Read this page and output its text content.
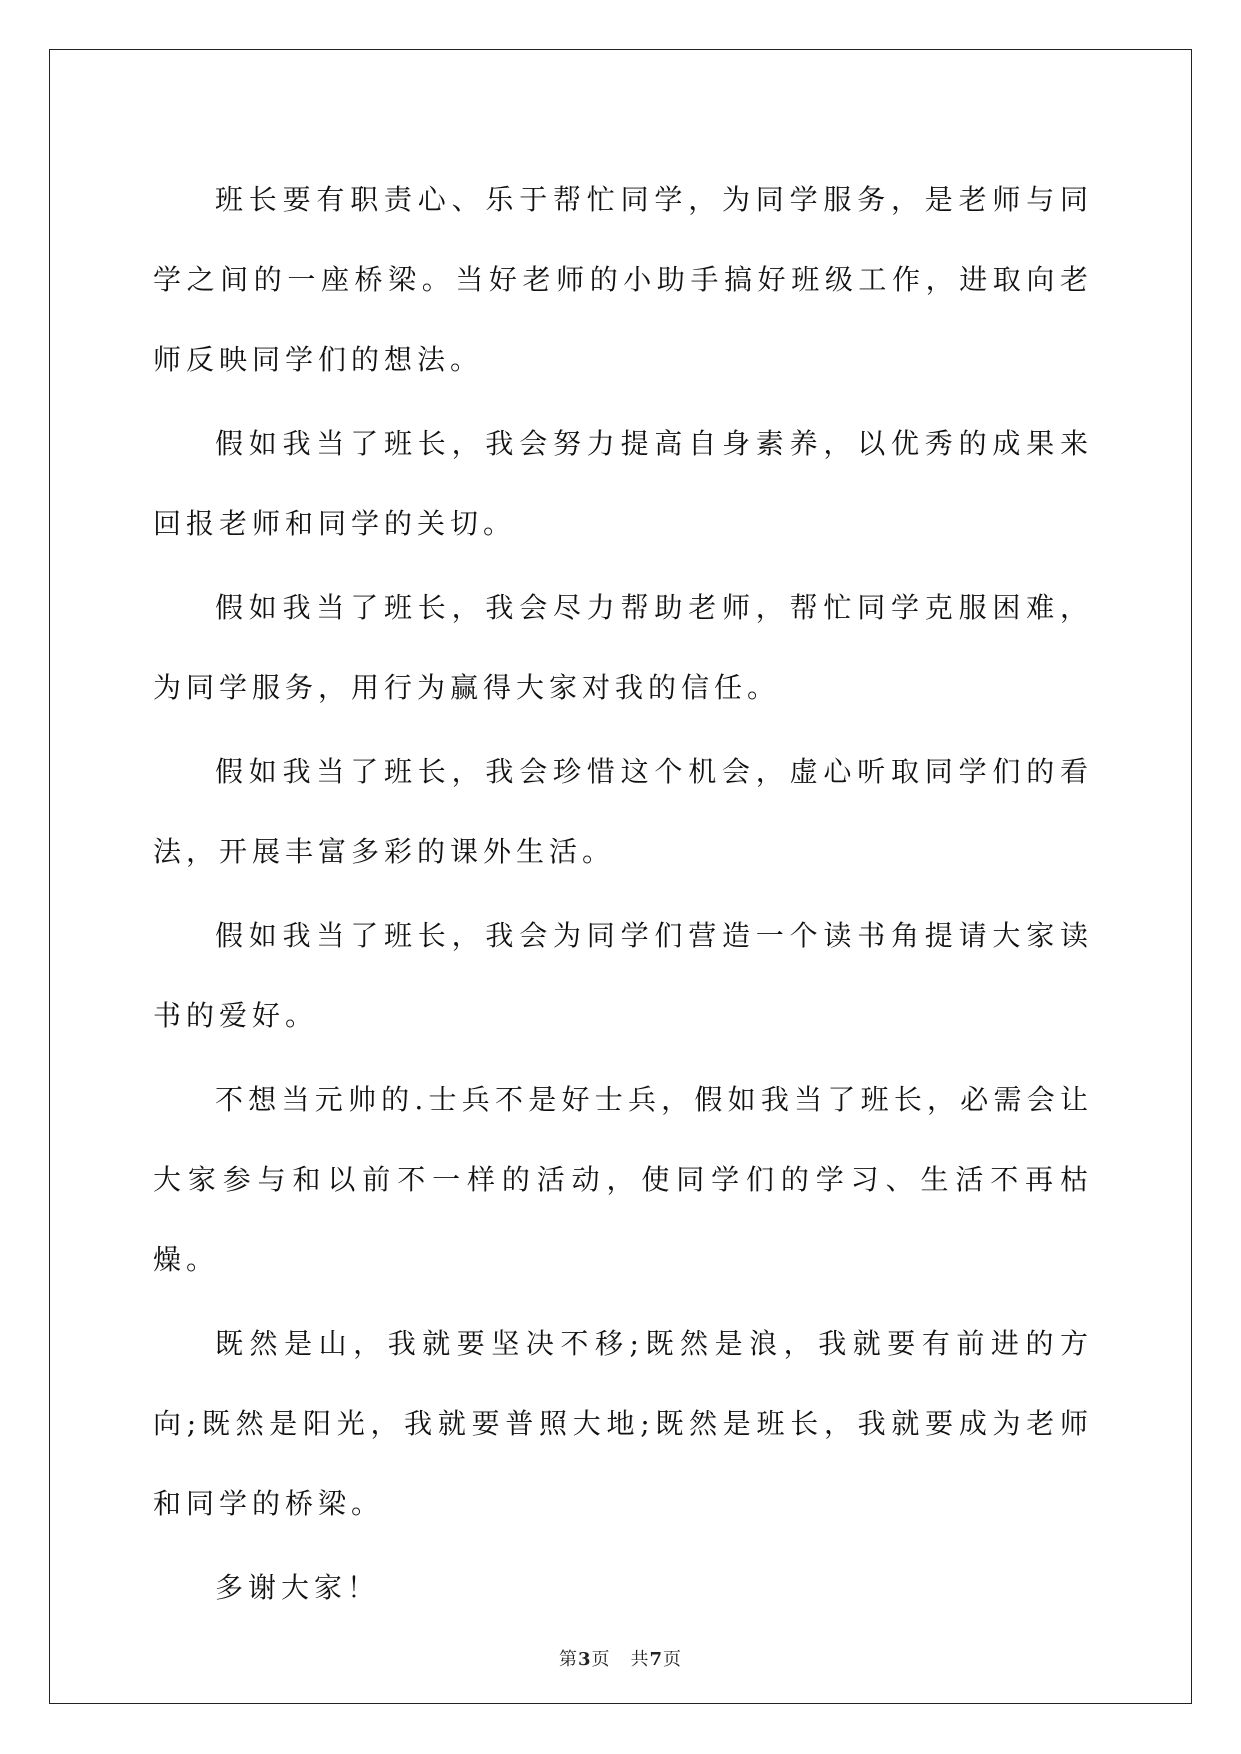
班长要有职责心、乐于帮忙同学，为同学服务，是老师与同学之间的一座桥梁。当好老师的小助手搞好班级工作，进取向老师反映同学们的想法。

假如我当了班长，我会努力提高自身素养，以优秀的成果来回报老师和同学的关切。

假如我当了班长，我会尽力帮助老师，帮忙同学克服困难，为同学服务，用行为赢得大家对我的信任。

假如我当了班长，我会珍惜这个机会，虚心听取同学们的看法，开展丰富多彩的课外生活。

假如我当了班长，我会为同学们营造一个读书角提请大家读书的爱好。

不想当元帅的.士兵不是好士兵，假如我当了班长，必需会让大家参与和以前不一样的活动，使同学们的学习、生活不再枯燥。

既然是山，我就要坚决不移;既然是浪，我就要有前进的方向;既然是阳光，我就要普照大地;既然是班长，我就要成为老师和同学的桥梁。

多谢大家！

第3页 共7页
